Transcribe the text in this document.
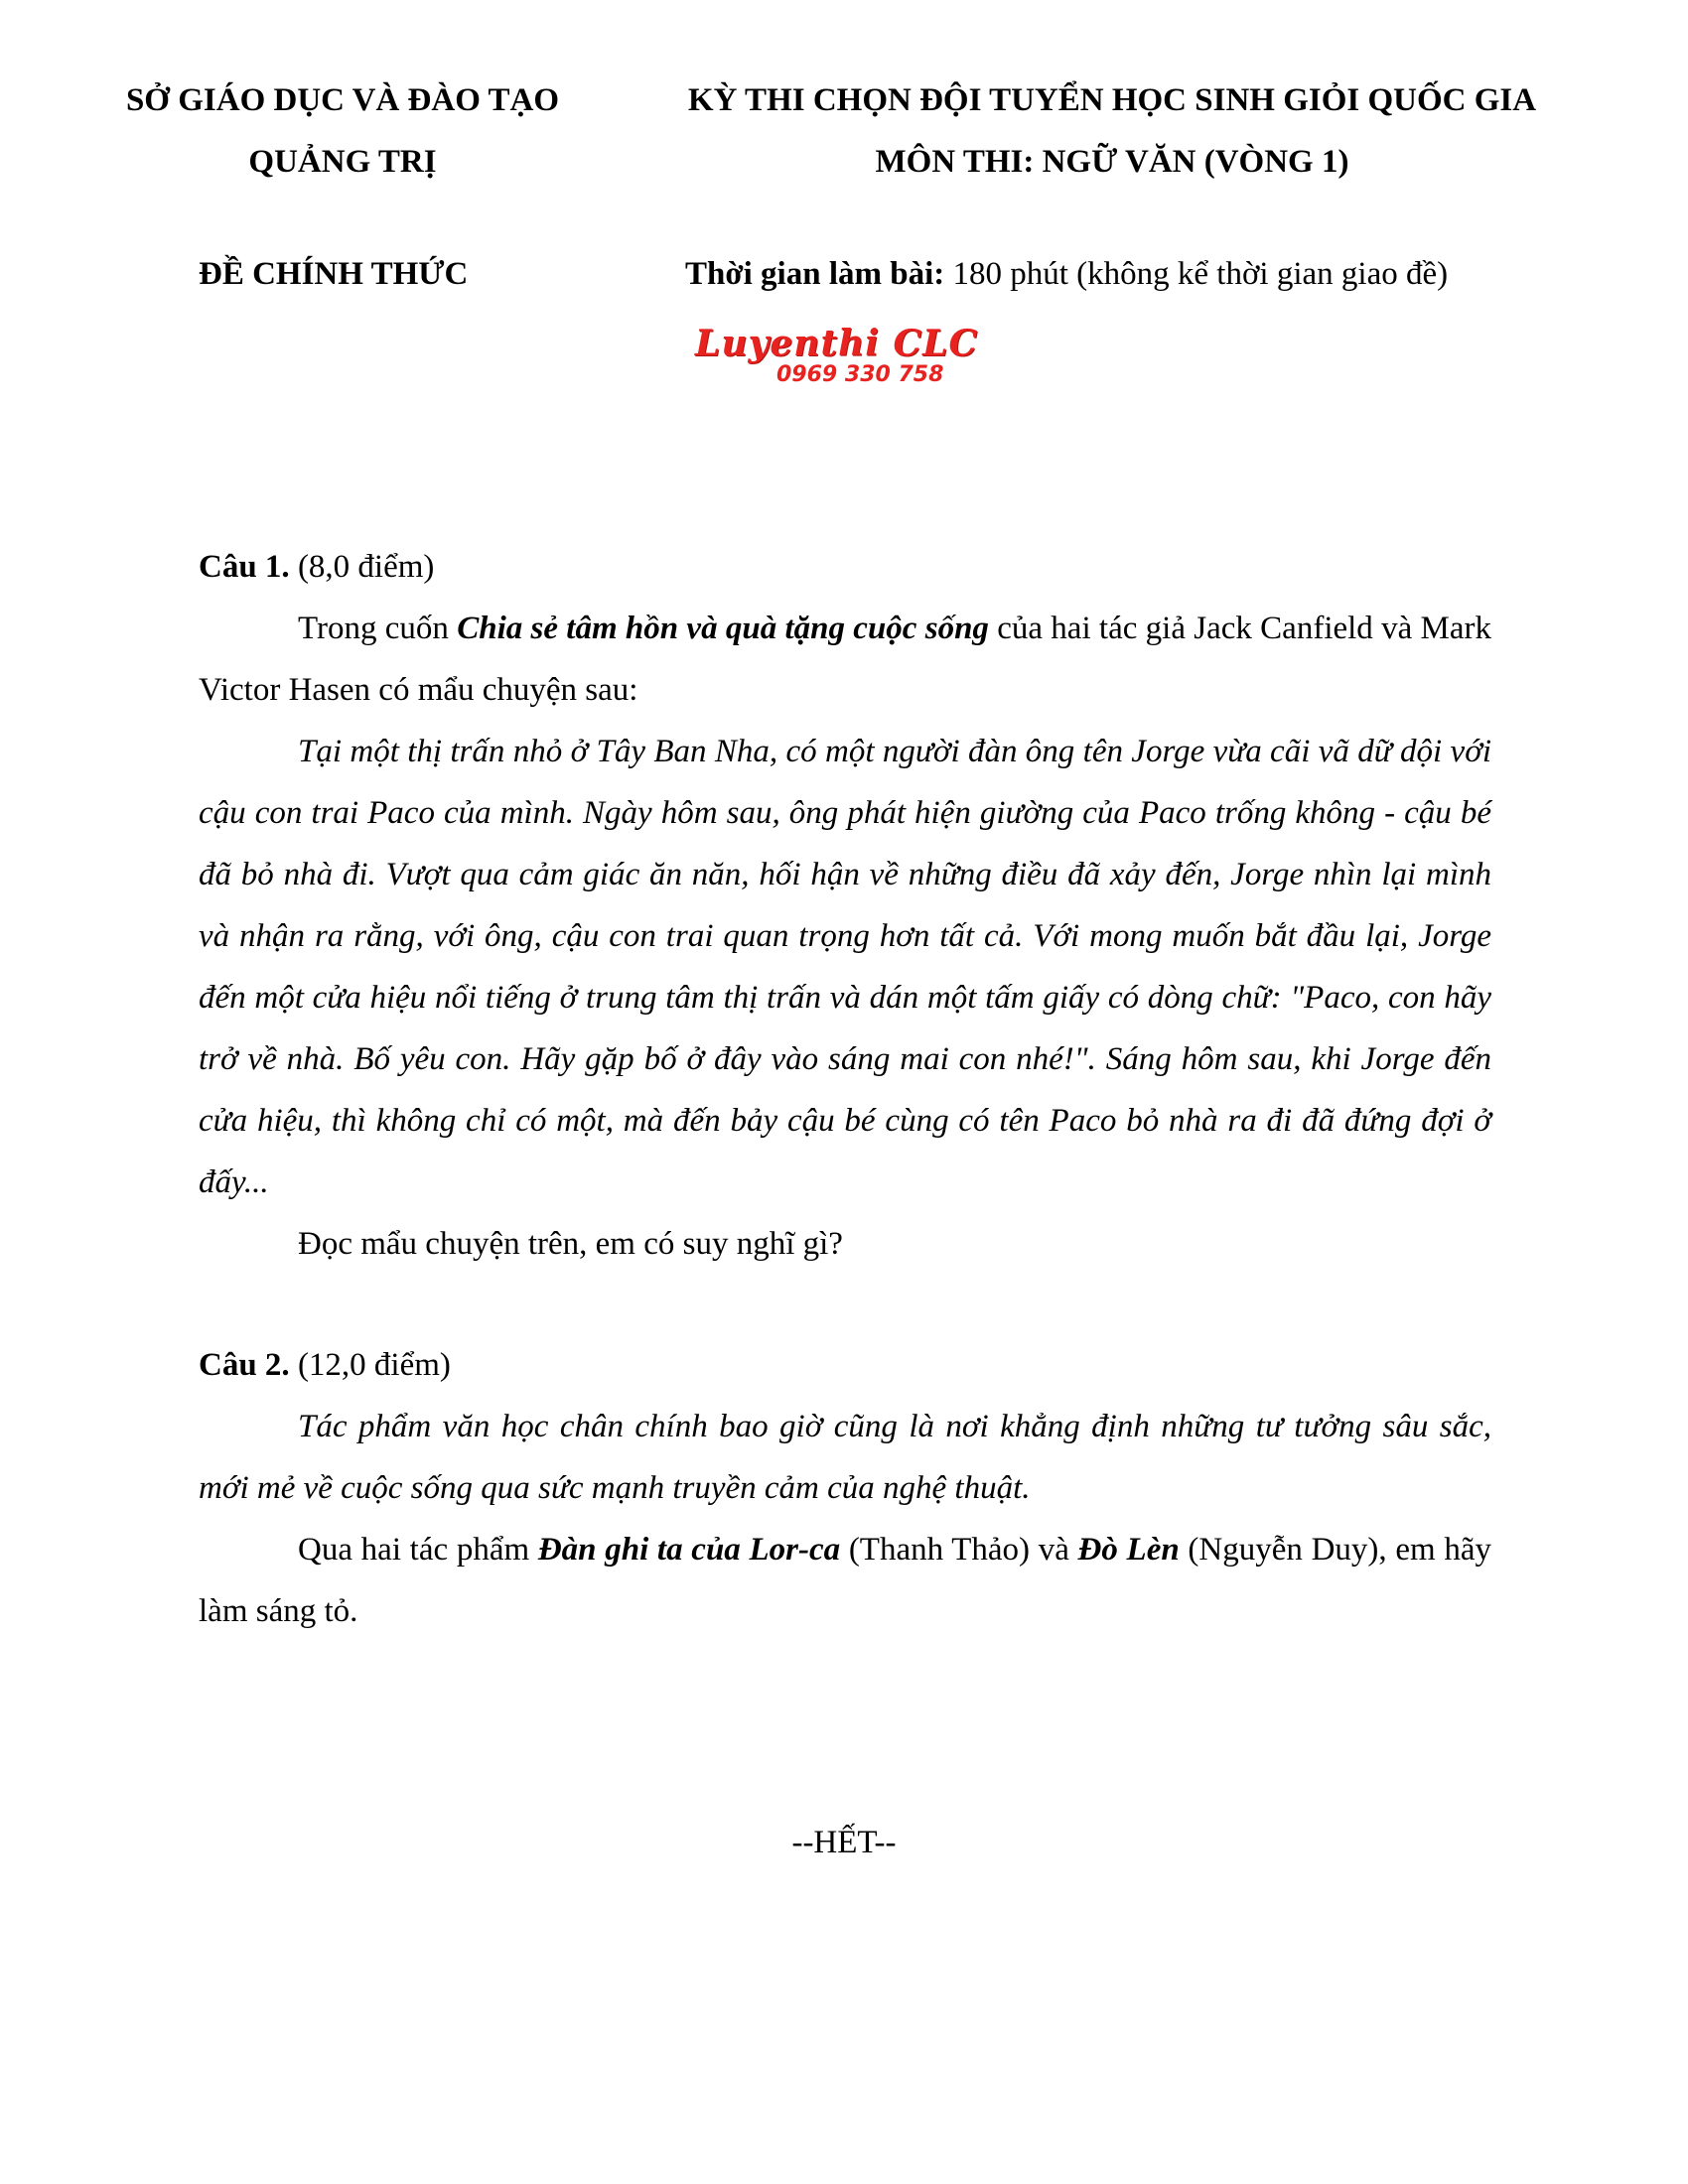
SỞ GIÁO DỤC VÀ ĐÀO TẠO
QUẢNG TRỊ
KỲ THI CHỌN ĐỘI TUYỂN HỌC SINH GIỎI QUỐC GIA
MÔN THI: NGỮ VĂN (VÒNG 1)
ĐỀ CHÍNH THỨC	Thời gian làm bài: 180 phút (không kể thời gian giao đề)
Luyenthi CLC
0969 330 758
Câu 1. (8,0 điểm)

Trong cuốn Chia sẻ tâm hồn và quà tặng cuộc sống của hai tác giả Jack Canfield và Mark Victor Hasen có mẩu chuyện sau:

Tại một thị trấn nhỏ ở Tây Ban Nha, có một người đàn ông tên Jorge vừa cãi vã dữ dội với cậu con trai Paco của mình. Ngày hôm sau, ông phát hiện giường của Paco trống không - cậu bé đã bỏ nhà đi. Vượt qua cảm giác ăn năn, hối hận về những điều đã xảy đến, Jorge nhìn lại mình và nhận ra rằng, với ông, cậu con trai quan trọng hơn tất cả. Với mong muốn bắt đầu lại, Jorge đến một cửa hiệu nổi tiếng ở trung tâm thị trấn và dán một tấm giấy có dòng chữ: "Paco, con hãy trở về nhà. Bố yêu con. Hãy gặp bố ở đây vào sáng mai con nhé!". Sáng hôm sau, khi Jorge đến cửa hiệu, thì không chỉ có một, mà đến bảy cậu bé cùng có tên Paco bỏ nhà ra đi đã đứng đợi ở đấy...

Đọc mẩu chuyện trên, em có suy nghĩ gì?

Câu 2. (12,0 điểm)

Tác phẩm văn học chân chính bao giờ cũng là nơi khẳng định những tư tưởng sâu sắc, mới mẻ về cuộc sống qua sức mạnh truyền cảm của nghệ thuật.

Qua hai tác phẩm Đàn ghi ta của Lor-ca (Thanh Thảo) và Đò Lèn (Nguyễn Duy), em hãy làm sáng tỏ.

--HẾT--
